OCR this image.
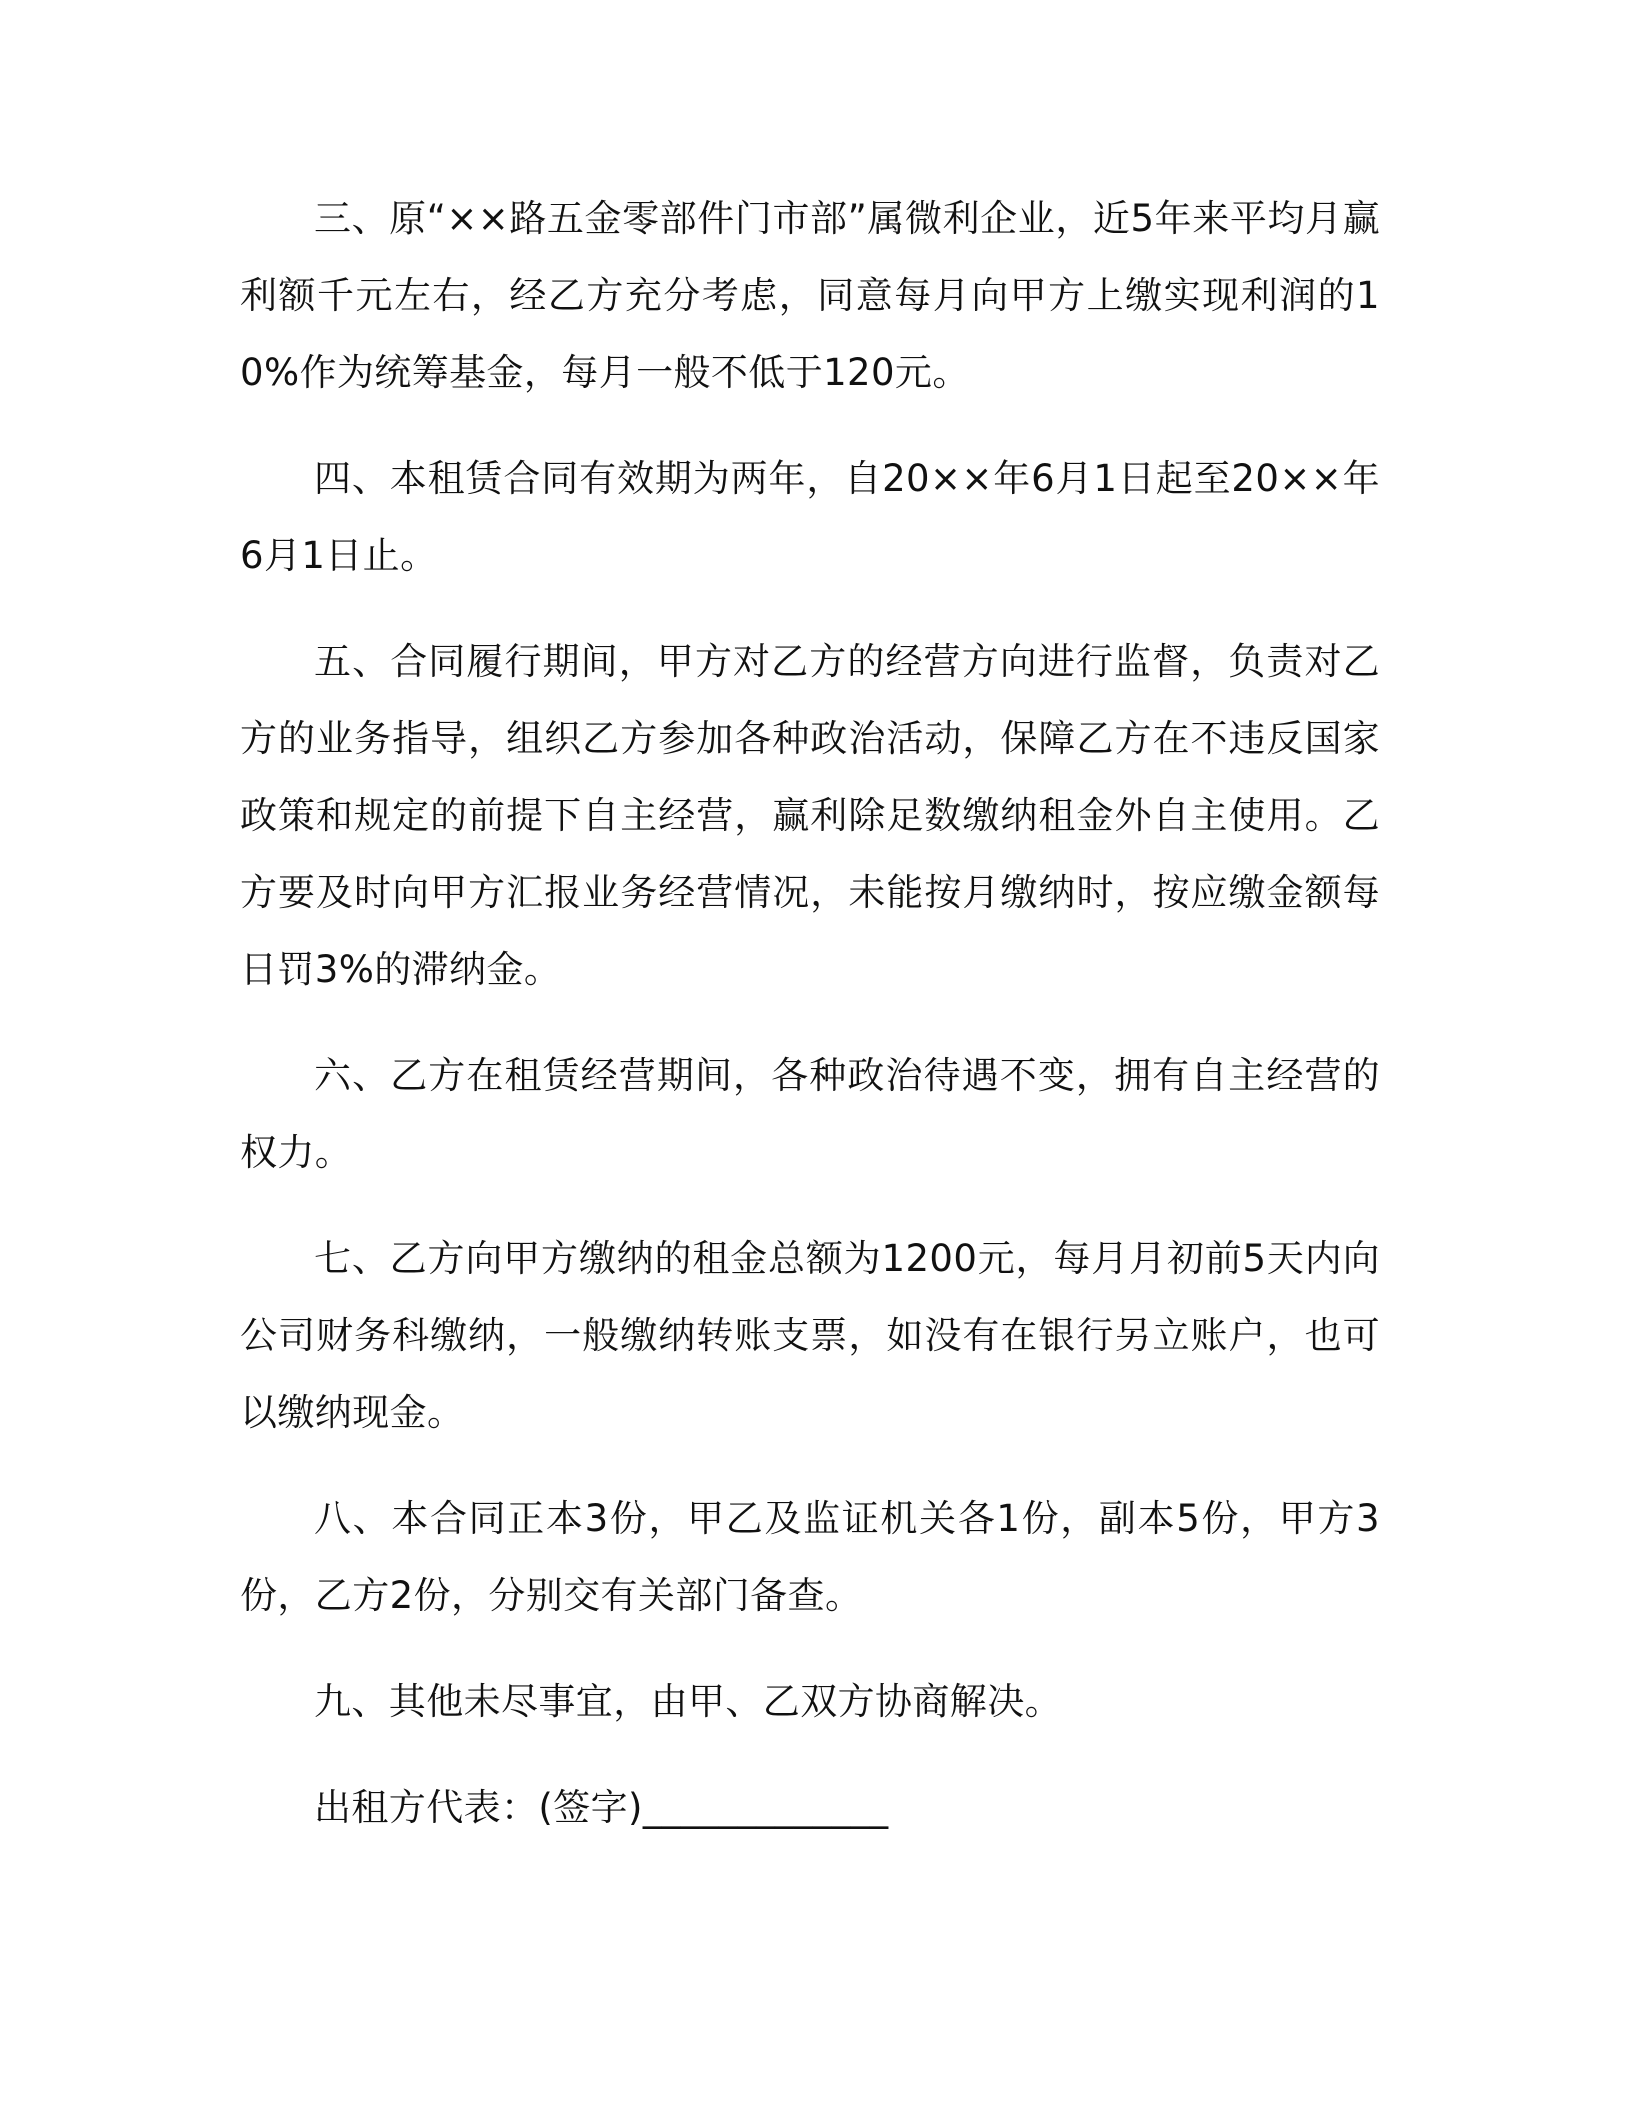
三、原“××路五金零部件门市部”属微利企业，近5年来平均月赢利额千元左右，经乙方充分考虑，同意每月向甲方上缴实现利润的10%作为统筹基金，每月一般不低于120元。

四、本租赁合同有效期为两年，自20××年6月1日起至20××年6月1日止。

五、合同履行期间，甲方对乙方的经营方向进行监督，负责对乙方的业务指导，组织乙方参加各种政治活动，保障乙方在不违反国家政策和规定的前提下自主经营，赢利除足数缴纳租金外自主使用。乙方要及时向甲方汇报业务经营情况，未能按月缴纳时，按应缴金额每日罚3%的滞纳金。

六、乙方在租赁经营期间，各种政治待遇不变，拥有自主经营的权力。

七、乙方向甲方缴纳的租金总额为1200元，每月月初前5天内向公司财务科缴纳，一般缴纳转账支票，如没有在银行另立账户，也可以缴纳现金。

八、本合同正本3份，甲乙及监证机关各1份，副本5份，甲方3份，乙方2份，分别交有关部门备查。

九、其他未尽事宜，由甲、乙双方协商解决。

出租方代表：(签字)_____________
